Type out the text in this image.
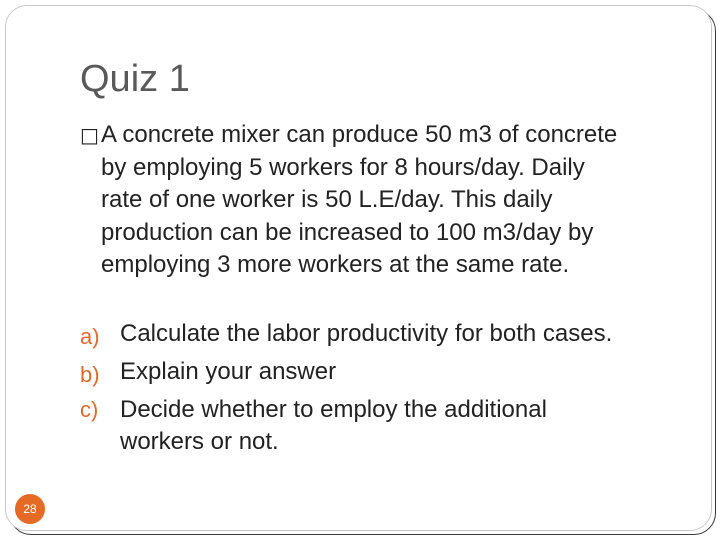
Quiz 1
□A concrete mixer can produce 50 m3 of concrete
by employing 5 workers for 8 hours/day. Daily
rate of one worker is 50 L.E/day. This daily
production can be increased to 100 m3/day by
employing 3 more workers at the same rate.
a) Calculate the labor productivity for both cases.
b) Explain your answer
c) Decide whether to employ the additional
workers or not.
28
